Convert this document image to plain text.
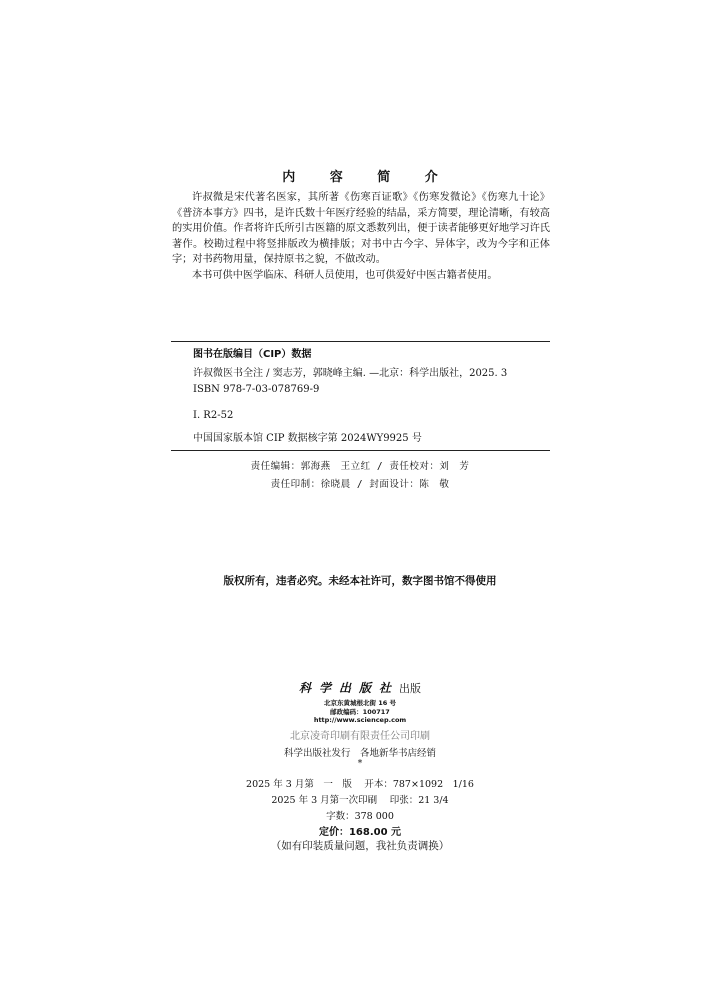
内 容 简 介

许叔微是宋代著名医家，其所著《伤寒百证歌》《伤寒发微论》《伤寒九十论》《普济本事方》四书，是许氏数十年医疗经验的结晶，采方简要，理论清晰，有较高的实用价值。作者将许氏所引古医籍的原文悉数列出，便于读者能够更好地学习许氏著作。校勘过程中将竖排版改为横排版；对书中古今字、异体字，改为今字和正体字；对书药物用量，保持原书之貌，不做改动。

本书可供中医学临床、科研人员使用，也可供爱好中医古籍者使用。

图书在版编目（CIP）数据
许叔微医书全注 / 窦志芳，郭晓峰主编. —北京：科学出版社，2025. 3
ISBN 978-7-03-078769-9
Ⅰ. R2-52
中国国家版本馆 CIP 数据核字第 2024WY9925 号
责任编辑：郭海燕　王立红 / 责任校对：刘　芳
责任印制：徐晓晨 / 封面设计：陈　敬
版权所有，违者必究。未经本社许可，数字图书馆不得使用
科学出版社出版
北京东黄城根北街 16 号
邮政编码：100717
http://www.sciencep.com
北京凌奇印刷有限责任公司印刷
科学出版社发行　各地新华书店经销
*
2025 年 3 月第　一　版　 开本：787×1092　1/16
2025 年 3 月第一次印刷　 印张：21 3/4
字数：378 000
定价：168.00 元
（如有印装质量问题，我社负责调换）
